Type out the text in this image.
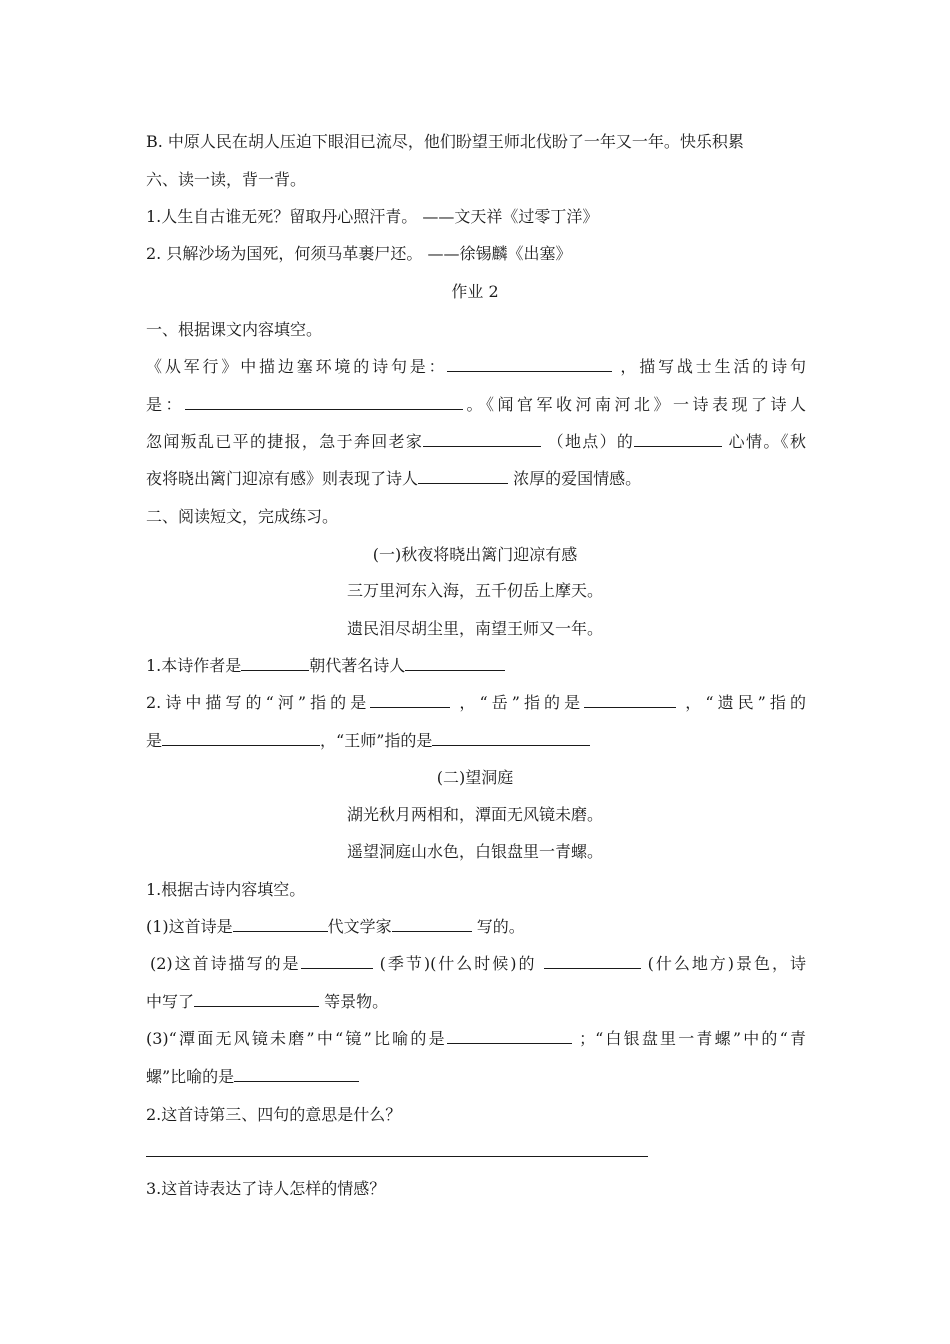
B. 中原人民在胡人压迫下眼泪已流尽，他们盼望王师北伐盼了一年又一年。快乐积累
六、读一读，背一背。
1.人生自古谁无死？留取丹心照汗青。 ——文天祥《过零丁洋》
2. 只解沙场为国死，何须马革裹尸还。 ——徐锡麟《出塞》
作业 2
一、根据课文内容填空。
《从军行》中描边塞环境的诗句是：	，描写战士生活的诗句
是：	。《闻官军收河南河北》一诗表现了诗人
忽闻叛乱已平的捷报，急于奔回老家	（地点）的	心情。《秋
夜将晓出篱门迎凉有感》则表现了诗人	浓厚的爱国情感。
二、阅读短文，完成练习。
(一)秋夜将晓出篱门迎凉有感
三万里河东入海，五千仞岳上摩天。
遗民泪尽胡尘里，南望王师又一年。
1.本诗作者是	朝代著名诗人
2.诗中描写的“河”指的是	，“岳”指的是	，“遗民”指的
是	，“王师”指的是
(二)望洞庭
湖光秋月两相和，潭面无风镜未磨。
遥望洞庭山水色，白银盘里一青螺。
1.根据古诗内容填空。
(1)这首诗是	代文学家	写的。
(2)这首诗描写的是	(季节)(什么时候)的	(什么地方)景色，诗
中写了	等景物。
(3)“潭面无风镜未磨”中“镜”比喻的是	；“白银盘里一青螺”中的“青
螺”比喻的是
2.这首诗第三、四句的意思是什么？
3.这首诗表达了诗人怎样的情感？
